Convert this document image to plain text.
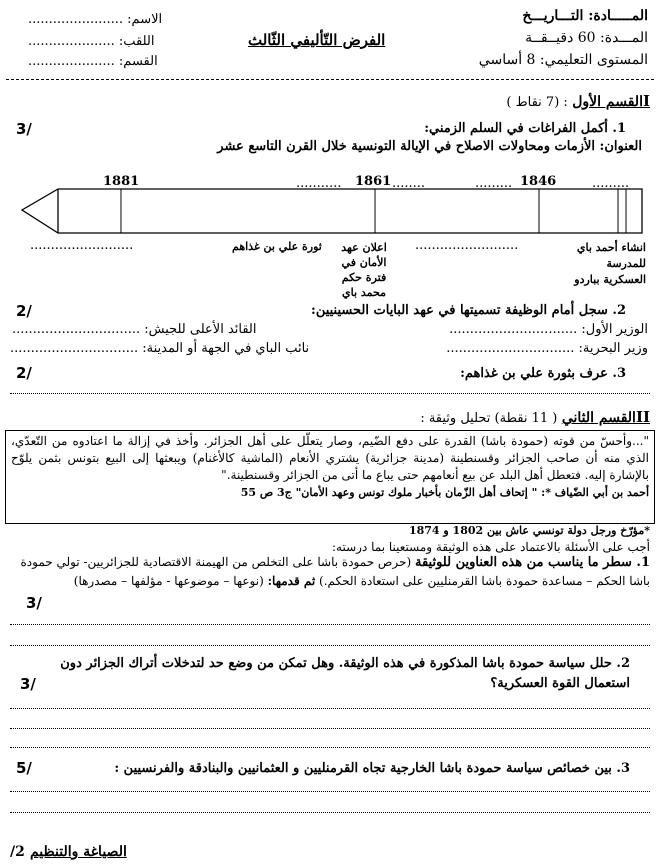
المـــــادة: التـــاريـــخ
المـــدة: 60 دقيــقــة
المستوى التعليمي: 8 أساسي
الفرض التّأليفي الثّالث
الاسم: .......................
اللقب: .....................
القسم: .....................
Iالقسم الأول : (7 نقاط )
1. أكمل الفراغات في السلم الزمني:
3/
العنوان: الأزمات ومحاولات الاصلاح في الإيالة التونسية خلال القرن التاسع عشر
1881	........... 1861 ........	......... 1846	.........
.........................	ثورة علي بن غذاهم	اعلان عهد الأمان في فترة حكم محمد باي
.........................	انشاء أحمد باي للمدرسة العسكرية بباردو
2. سجل أمام الوظيفة تسميتها في عهد البايات الحسينيين:
2/
الوزير الأول: ...............................
القائد الأعلى للجيش: ...............................
وزير البحرية: ...............................
نائب الباي في الجهة أو المدينة: ...............................
3. عرف بثورة علي بن غذاهم:
2/
IIالقسم الثاني ( 11 نقطة) تحليل وثيقة :
"...وأحسّ من قوته (حمودة باشا) القدرة على دفع الضّيم، وصار يتعلّل على أهل الجزائر. وأخذ في إزالة ما اعتادوه من التّعدّي، الذي منه أن صاحب الجزائر وقسنطينة (مدينة جزائرية) يشتري الأنعام (الماشية كالأغنام) ويبعثها إلى البيع بتونس بثمن يلوّح بالإشارة إليه. فتعطل أهل البلد عن بيع أنعامهم حتى يباع ما أتى من الجزائر وقسنطينة."
أحمد بن أبي الضّياف *: " إتحاف أهل الزّمان بأخبار ملوك تونس وعهد الأمان" ج3 ص 55
*مؤرّخ ورجل دولة تونسي عاش بين 1802 و 1874
أجب على الأسئلة بالاعتماد على هذه الوثيقة ومستعينا بما درسته:
1. سطر ما يناسب من هذه العناوين للوثيقة (حرص حمودة باشا على التخلص من الهيمنة الاقتصادية للجزائريين- تولي حمودة باشا الحكم – مساعدة حمودة باشا القرمنليين على استعادة الحكم.) ثم قدمها: (نوعها – موضوعها - مؤلفها – مصدرها)
3/
2. حلل سياسة حمودة باشا المذكورة في هذه الوثيقة. وهل تمكن من وضع حد لتدخلات أتراك الجزائر دون استعمال القوة العسكرية؟
3/
3. بين خصائص سياسة حمودة باشا الخارجية تجاه القرمنليين و العثمانيين والبنادقة والفرنسيين :
5/
الصياغة والتنظيم 2/
